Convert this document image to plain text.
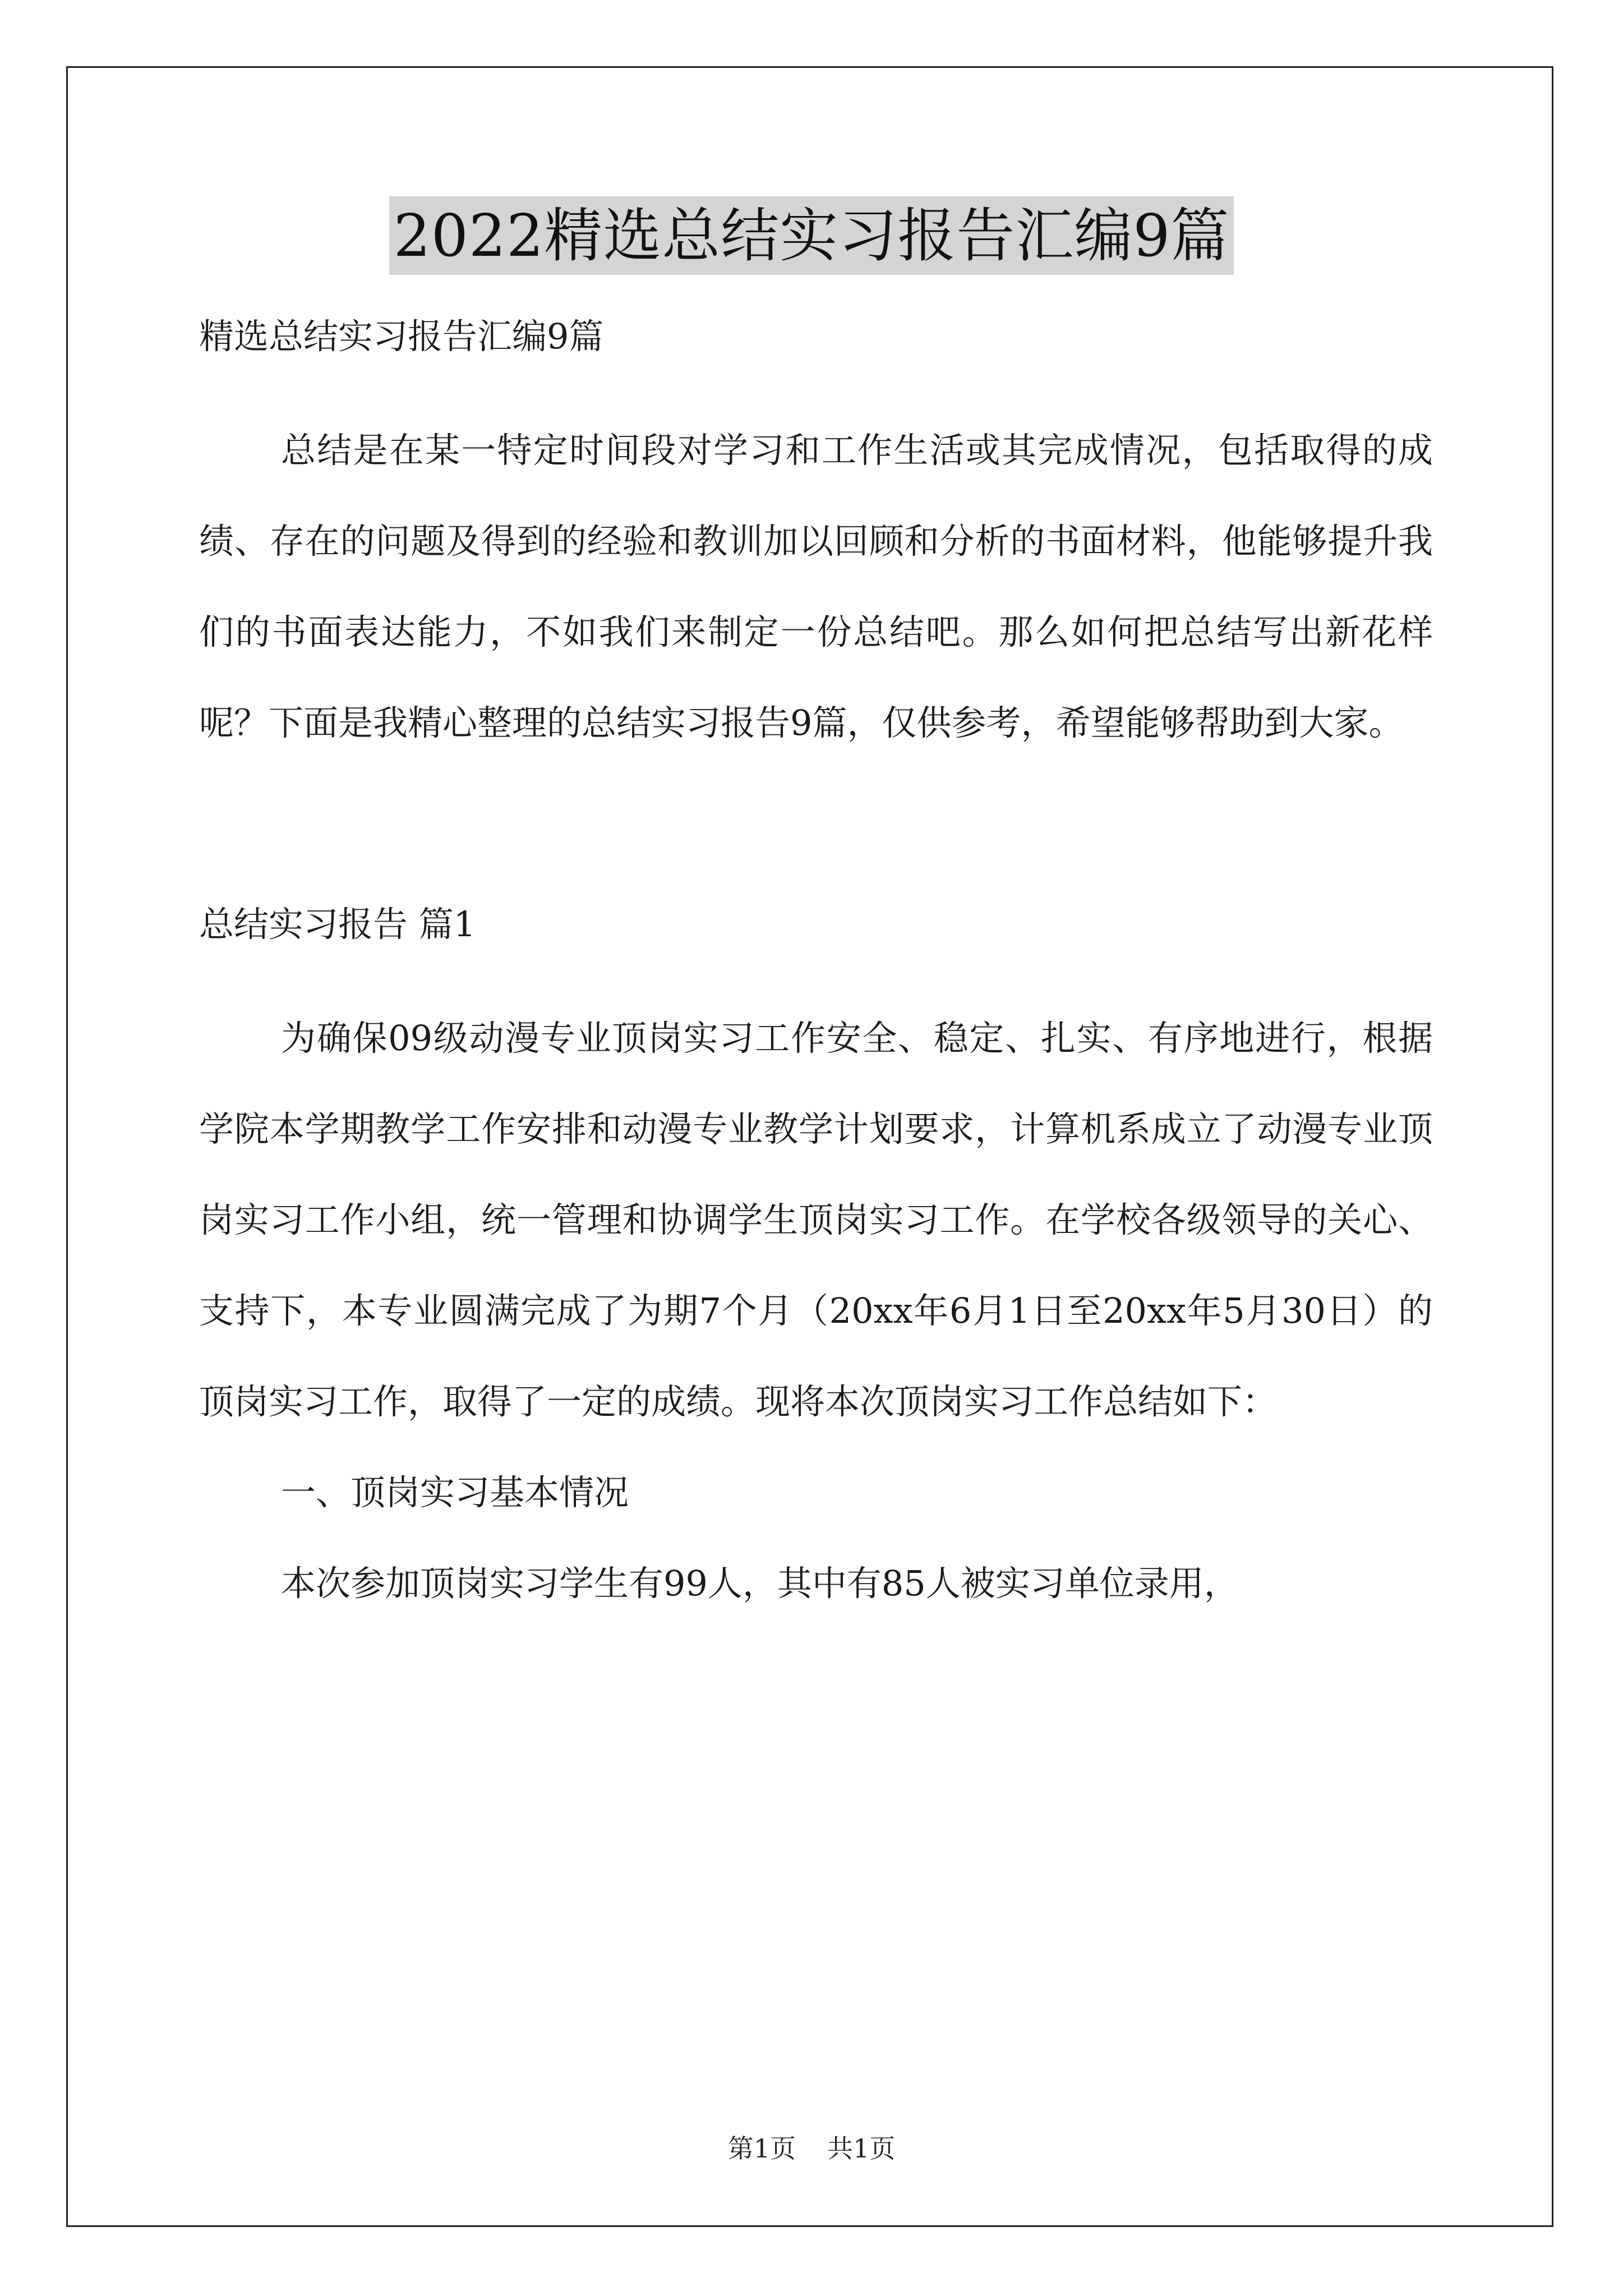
2022精选总结实习报告汇编9篇

精选总结实习报告汇编9篇

总结是在某一特定时间段对学习和工作生活或其完成情况，包括取得的成绩、存在的问题及得到的经验和教训加以回顾和分析的书面材料，他能够提升我们的书面表达能力，不如我们来制定一份总结吧。那么如何把总结写出新花样呢？下面是我精心整理的总结实习报告9篇，仅供参考，希望能够帮助到大家。

总结实习报告 篇1

为确保09级动漫专业顶岗实习工作安全、稳定、扎实、有序地进行，根据学院本学期教学工作安排和动漫专业教学计划要求，计算机系成立了动漫专业顶岗实习工作小组，统一管理和协调学生顶岗实习工作。在学校各级领导的关心、支持下，本专业圆满完成了为期7个月（20xx年6月1日至20xx年5月30日）的顶岗实习工作，取得了一定的成绩。现将本次顶岗实习工作总结如下：

一、顶岗实习基本情况

本次参加顶岗实习学生有99人，其中有85人被实习单位录用，

第1页 共1页
